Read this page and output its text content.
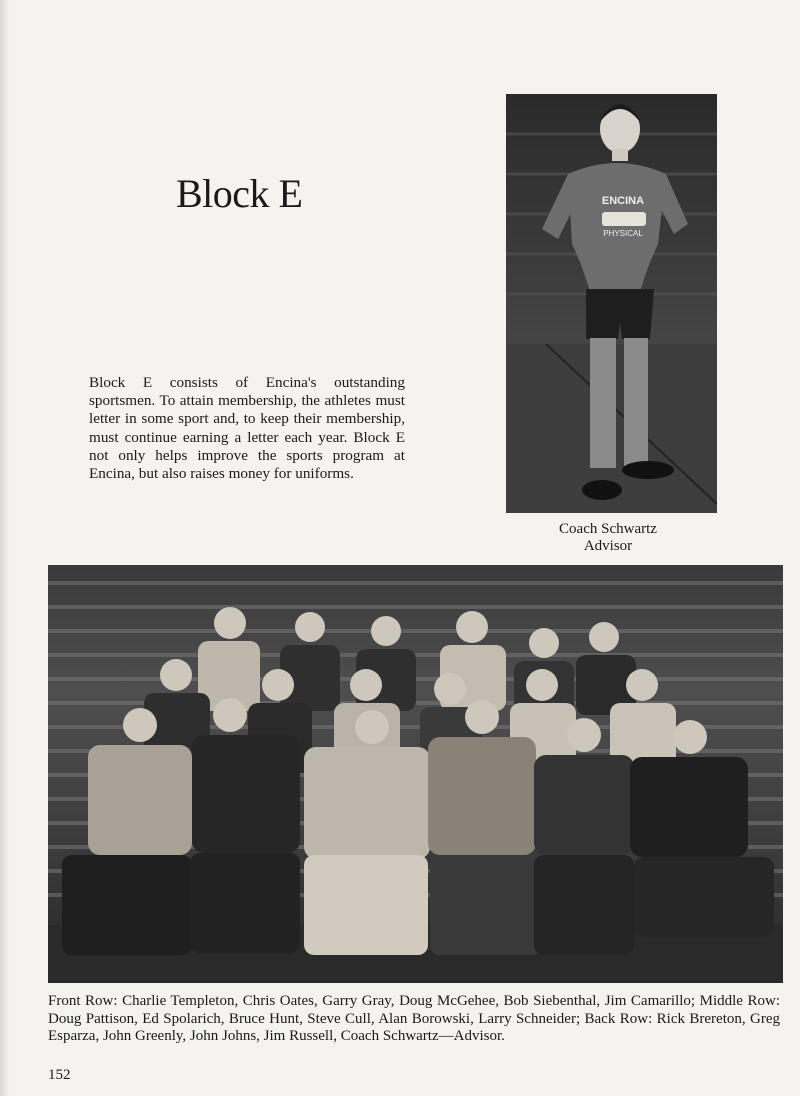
Block E

Block E consists of Encina's outstanding sportsmen. To attain membership, the athletes must letter in some sport and, to keep their membership, must continue earning a letter each year. Block E not only helps improve the sports program at Encina, but also raises money for uniforms.

ENCINA
PHYSICAL
Coach Schwartz
Advisor

Front Row: Charlie Templeton, Chris Oates, Garry Gray, Doug McGehee, Bob Siebenthal, Jim Camarillo; Middle Row: Doug Pattison, Ed Spolarich, Bruce Hunt, Steve Cull, Alan Borowski, Larry Schneider; Back Row: Rick Brereton, Greg Esparza, John Greenly, John Johns, Jim Russell, Coach Schwartz—Advisor.

152
